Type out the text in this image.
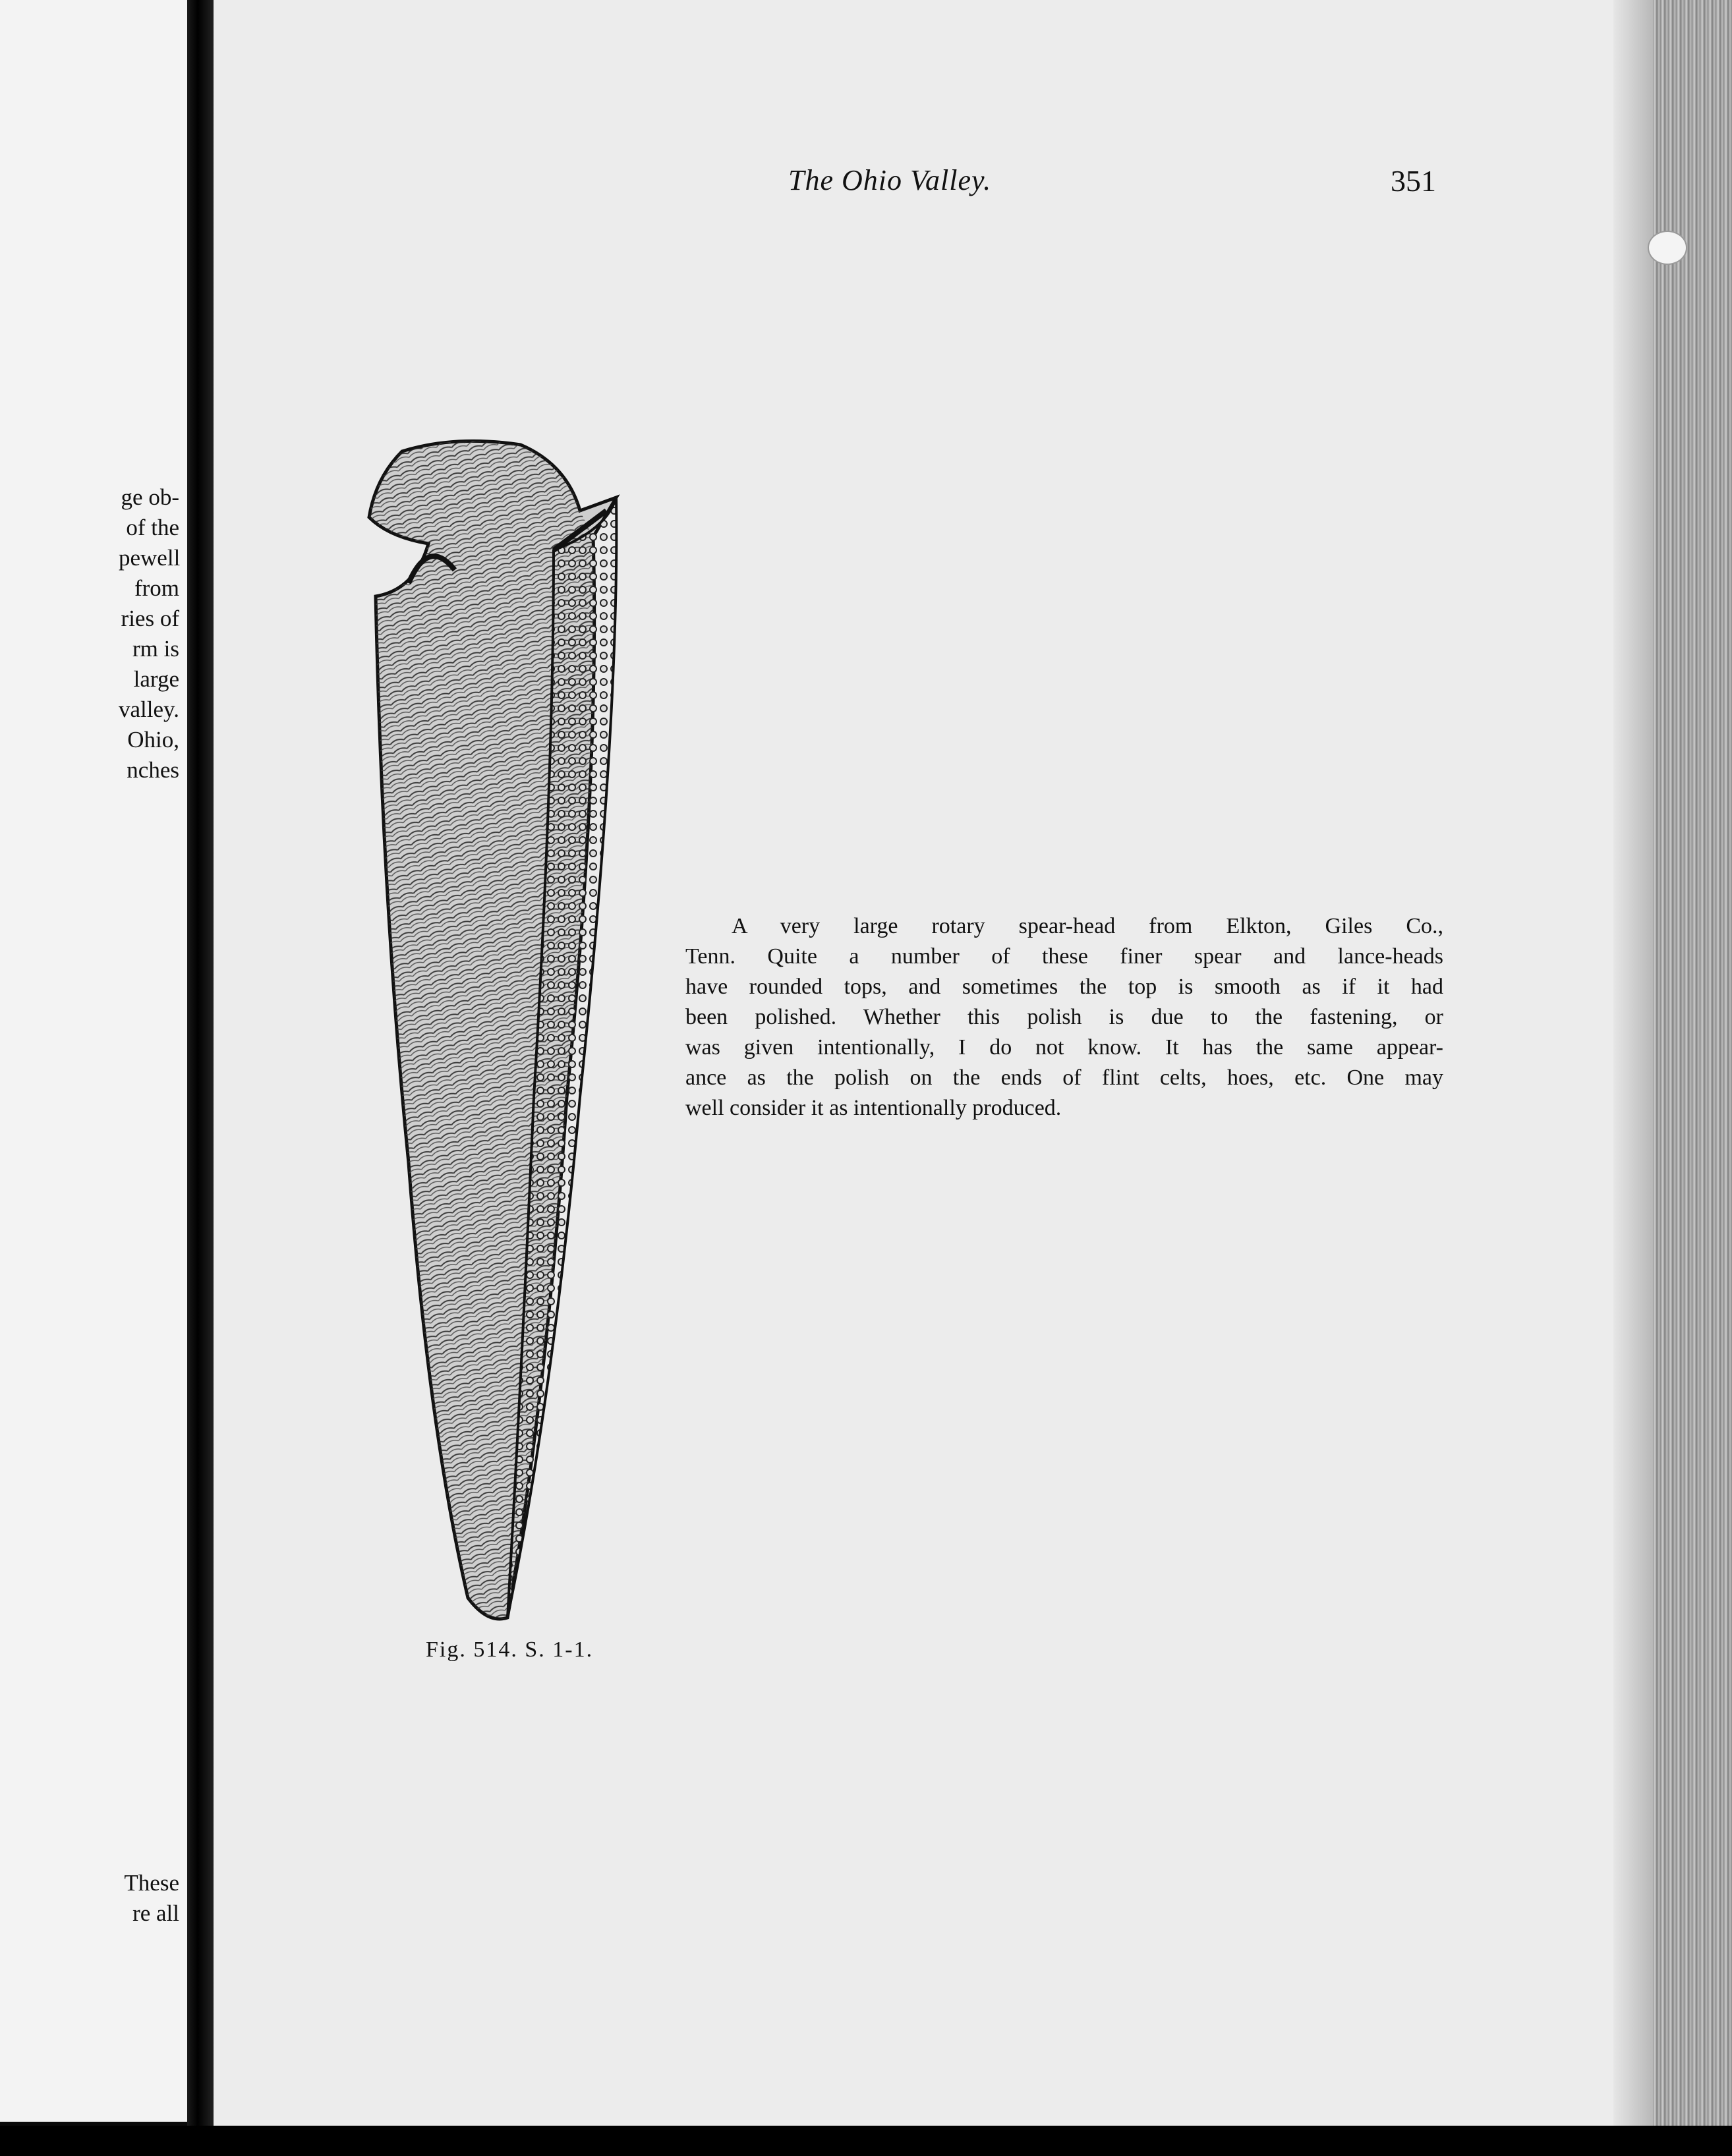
ge ob-
of the
pewell
from
ries of
rm is
large
valley.
Ohio,
nches
These
re all
The Ohio Valley.	351
Fig. 514. S. 1-1.
A very large rotary spear-head from Elkton, Giles Co.,
Tenn. Quite a number of these finer spear and lance-heads
have rounded tops, and sometimes the top is smooth as if it had
been polished. Whether this polish is due to the fastening, or
was given intentionally, I do not know. It has the same appear-
ance as the polish on the ends of flint celts, hoes, etc. One may
well consider it as intentionally produced.
